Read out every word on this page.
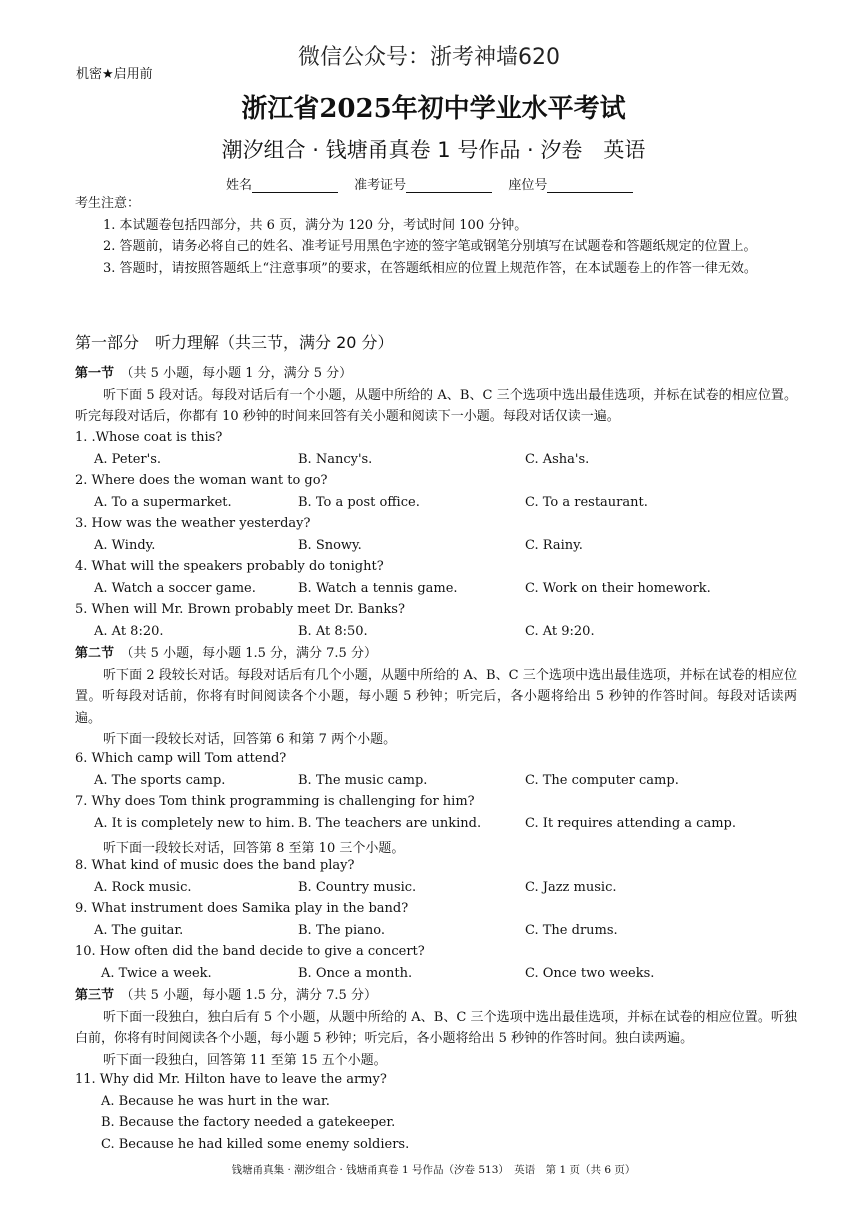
微信公众号：浙考神墙620
机密★启用前
浙江省2025年初中学业水平考试
潮汐组合 · 钱塘甬真卷 1 号作品 · 汐卷　英语
姓名	准考证号	座位号
考生注意：
1. 本试题卷包括四部分，共 6 页，满分为 120 分，考试时间 100 分钟。
2. 答题前，请务必将自己的姓名、准考证号用黑色字迹的签字笔或钢笔分别填写在试题卷和答题纸规定的位置上。
3. 答题时，请按照答题纸上“注意事项”的要求，在答题纸相应的位置上规范作答，在本试题卷上的作答一律无效。
第一部分　听力理解（共三节，满分 20 分）
第一节　 （共 5 小题，每小题 1 分，满分 5 分）
听下面 5 段对话。每段对话后有一个小题，从题中所给的 A、B、C 三个选项中选出最佳选项，并标在试卷的相应位置。听完每段对话后，你都有 10 秒钟的时间来回答有关小题和阅读下一小题。每段对话仅读一遍。
1. .Whose coat is this?
A. Peter's.	B. Nancy's.	C. Asha's.
2. Where does the woman want to go?
A. To a supermarket.	B. To a post office.	C. To a restaurant.
3. How was the weather yesterday?
A. Windy.	B. Snowy.	C. Rainy.
4. What will the speakers probably do tonight?
A. Watch a soccer game.	B. Watch a tennis game.	C. Work on their homework.
5. When will Mr. Brown probably meet Dr. Banks?
A. At 8:20.	B. At 8:50.	C. At 9:20.
第二节　 （共 5 小题，每小题 1.5 分，满分 7.5 分）
听下面 2 段较长对话。每段对话后有几个小题，从题中所给的 A、B、C 三个选项中选出最佳选项，并标在试卷的相应位置。听每段对话前，你将有时间阅读各个小题，每小题 5 秒钟；听完后，各小题将给出 5 秒钟的作答时间。每段对话读两遍。
听下面一段较长对话，回答第 6 和第 7 两个小题。
6. Which camp will Tom attend?
A. The sports camp.	B. The music camp.	C. The computer camp.
7. Why does Tom think programming is challenging for him?
A. It is completely new to him. B. The teachers are unkind.	C. It requires attending a camp.
听下面一段较长对话，回答第 8 至第 10 三个小题。
8. What kind of music does the band play?
A. Rock music.	B. Country music.	C. Jazz music.
9. What instrument does Samika play in the band?
A. The guitar.	B. The piano.	C. The drums.
10. How often did the band decide to give a concert?
A. Twice a week.	B. Once a month.	C. Once two weeks.
第三节　 （共 5 小题，每小题 1.5 分，满分 7.5 分）
听下面一段独白，独白后有 5 个小题，从题中所给的 A、B、C 三个选项中选出最佳选项，并标在试卷的相应位置。听独白前，你将有时间阅读各个小题，每小题 5 秒钟；听完后，各小题将给出 5 秒钟的作答时间。独白读两遍。
听下面一段独白，回答第 11 至第 15 五个小题。
11. Why did Mr. Hilton have to leave the army?
A. Because he was hurt in the war.
B. Because the factory needed a gatekeeper.
C. Because he had killed some enemy soldiers.
钱塘甬真集 · 潮汐组合 · 钱塘甬真卷 1 号作品（汐卷 513）　英语　第 1 页（共 6 页）
